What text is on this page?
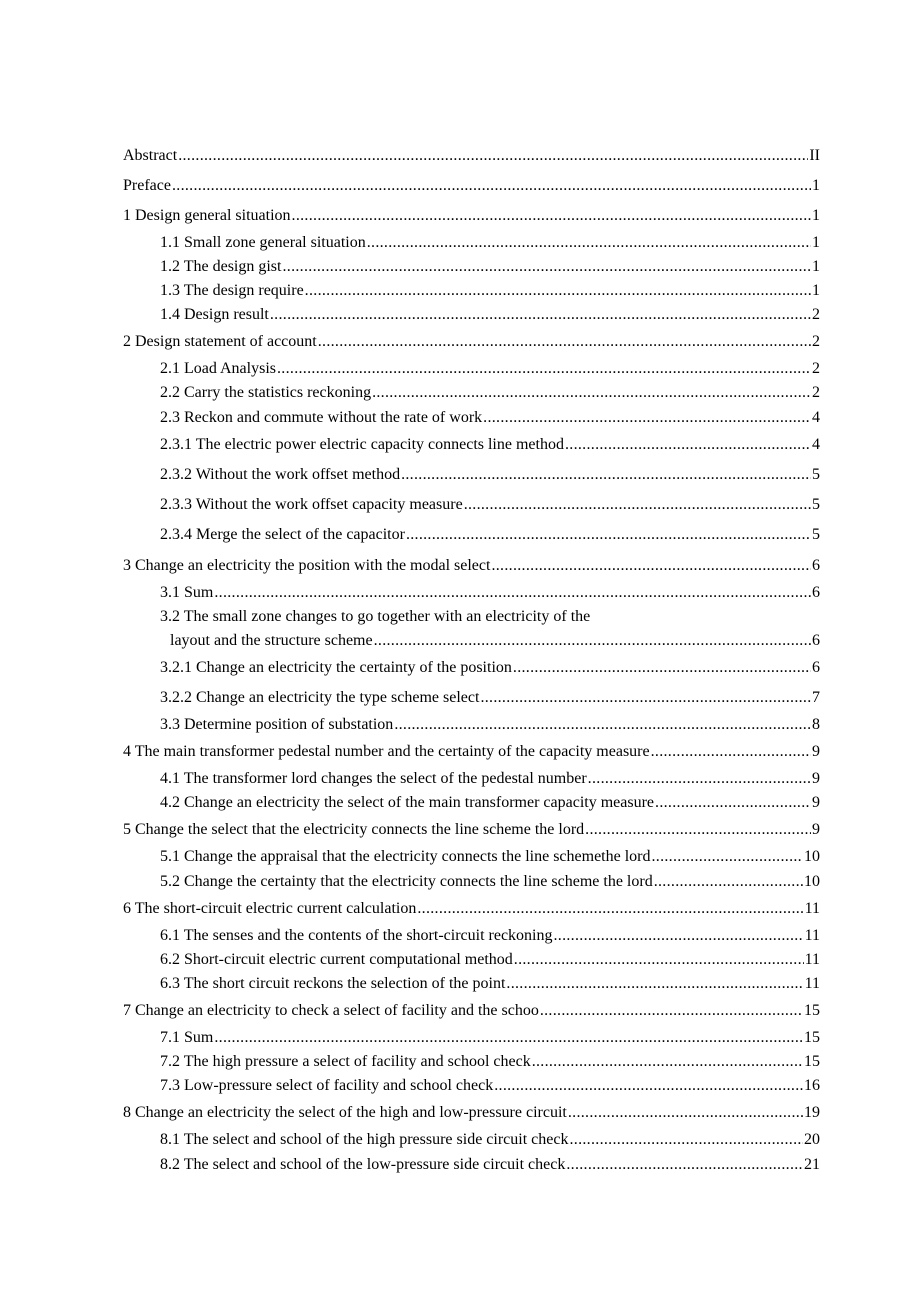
Abstract .....	II
Preface .....	1
1 Design general situation .....	1
1.1 Small zone general situation .....	1
1.2 The design gist .....	1
1.3 The design require .....	1
1.4 Design result .....	2
2 Design statement of account .....	2
2.1 Load Analysis .....	2
2.2 Carry the statistics reckoning .....	2
2.3 Reckon and commute without the rate of work .....	4
2.3.1 The electric power electric capacity connects line method .....	4
2.3.2 Without the work offset method .....	5
2.3.3 Without the work offset capacity measure .....	5
2.3.4 Merge the select of the capacitor .....	5
3 Change an electricity the position with the modal select .....	6
3.1 Sum .....	6
3.2 The small zone changes to go together with an electricity of the
layout and the structure scheme .....	6
3.2.1 Change an electricity the certainty of the position .....	6
3.2.2 Change an electricity the type scheme select .....	7
3.3 Determine position of substation .....	8
4 The main transformer pedestal number and the certainty of the capacity measure .....	9
4.1 The transformer lord changes the select of the pedestal number .....	9
4.2 Change an electricity the select of the main transformer capacity measure .....	9
5 Change the select that the electricity connects the line scheme the lord .....	9
5.1 Change the appraisal that the electricity connects the line schemethe lord .....	10
5.2 Change the certainty that the electricity connects the line scheme the lord .....	10
6 The short-circuit electric current calculation .....	11
6.1 The senses and the contents of the short-circuit reckoning .....	11
6.2 Short-circuit electric current computational method .....	11
6.3 The short circuit reckons the selection of the point .....	11
7 Change an electricity to check a select of facility and the schoo .....	15
7.1 Sum .....	15
7.2 The high pressure a select of facility and school check .....	15
7.3 Low-pressure select of facility and school check .....	16
8 Change an electricity the select of the high and low-pressure circuit .....	19
8.1 The select and school of the high pressure side circuit check .....	20
8.2 The select and school of the low-pressure side circuit check .....	21
